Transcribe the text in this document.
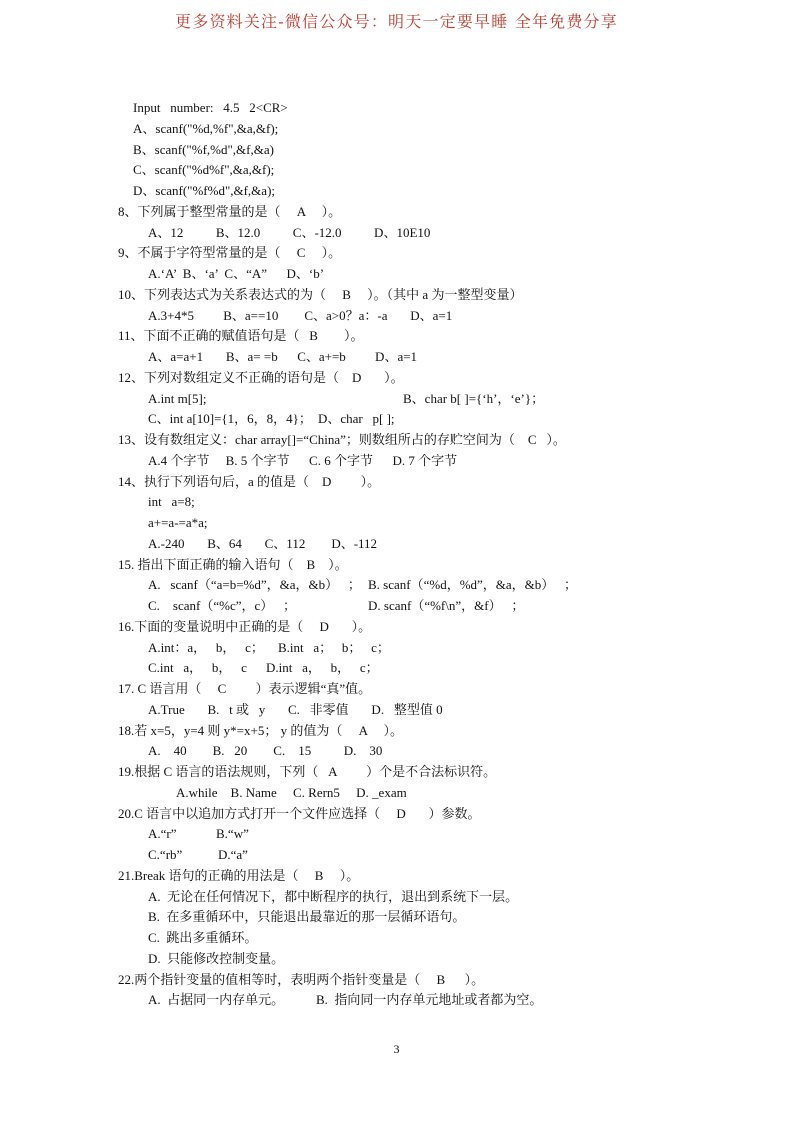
更多资料关注-微信公众号：明天一定要早睡 全年免费分享
Input   number:   4.5   2<CR>
A、scanf("%d,%f",&a,&f);
B、scanf("%f,%d",&f,&a)
C、scanf("%d%f",&a,&f);
D、scanf("%f%d",&f,&a);
8、下列属于整型常量的是（     A     ）。
A、12          B、12.0          C、-12.0          D、10E10
9、不属于字符型常量的是（     C     ）。
A.‘A’  B、‘a’  C、“A”      D、‘b’
10、下列表达式为关系表达式的为（     B     ）。（其中 a 为一整型变量）
A.3+4*5         B、a==10        C、a>0？a：-a       D、a=1
11、下面不正确的赋值语句是（   B        ）。
A、a=a+1       B、a= =b      C、a+=b         D、a=1
12、下列对数组定义不正确的语句是（    D       ）。
A.int m[5];	B、char b[ ]={‘h’，‘e’}；
C、int a[10]={1，6，8，4}； D、char   p[ ];
13、设有数组定义：char array[]=“China”；则数组所占的存贮空间为（    C   ）。
A.4 个字节     B. 5 个字节      C. 6 个字节      D. 7 个字节
14、执行下列语句后，a 的值是（    D         ）。
int   a=8;
a+=a-=a*a;
A.-240       B、64       C、112        D、-112
15. 指出下面正确的输入语句（    B    ）。
A.   scanf（“a=b=%d”，&a，&b）   ； B. scanf（“%d，%d”，&a，&b）   ；
C.    scanf（“%c”，c）   ；	D. scanf（“%f\n”，&f）   ；
16.下面的变量说明中正确的是（     D       ）。
A.int：a，   b，   c； B.int   a；   b；   c；
C.int   a，   b，   c D.int   a，   b，   c；
17. C 语言用（     C         ）表示逻辑“真”值。
A.True       B.   t 或   y       C.   非零值       D.   整型值 0
18.若 x=5，y=4 则 y*=x+5； y 的值为（     A     ）。
A.    40        B.   20        C.    15          D.    30
19.根据 C 语言的语法规则，下列（   A         ）个是不合法标识符。
A.while    B. Name     C. Rern5     D. _exam
20.C 语言中以追加方式打开一个文件应选择（     D       ）参数。
A.“r”	B.“w”
C.“rb”	D.“a”
21.Break 语句的正确的用法是（     B     ）。
A.  无论在任何情况下，都中断程序的执行，退出到系统下一层。
B.  在多重循环中，只能退出最靠近的那一层循环语句。
C.  跳出多重循环。
D.  只能修改控制变量。
22.两个指针变量的值相等时，表明两个指针变量是（     B      ）。
A.  占据同一内存单元。 B.  指向同一内存单元地址或者都为空。
3
